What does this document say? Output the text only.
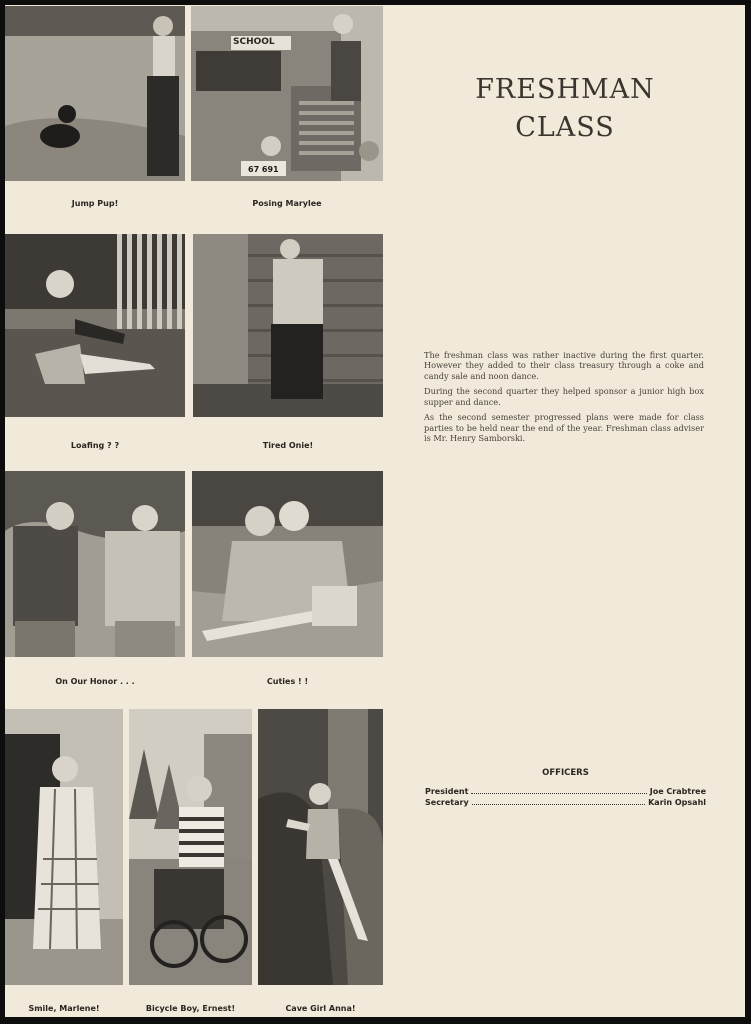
SCHOOL
67 691
Jump Pup!	Posing Marylee
Loafing ? ?	Tired Onie!
On Our Honor . . .	Cuties ! !
Smile, Marlene!	Bicycle Boy, Ernest!	Cave Girl Anna!
FRESHMAN
CLASS

The freshman class was rather inactive during the first quarter. However they added to their class treasury through a coke and candy sale and noon dance.

During the second quarter they helped sponsor a junior high box supper and dance.

As the second semester progressed plans were made for class parties to be held near the end of the year. Freshman class adviser is Mr. Henry Samborski.

OFFICERS
President	Joe Crabtree
Secretary	Karin Opsahl
